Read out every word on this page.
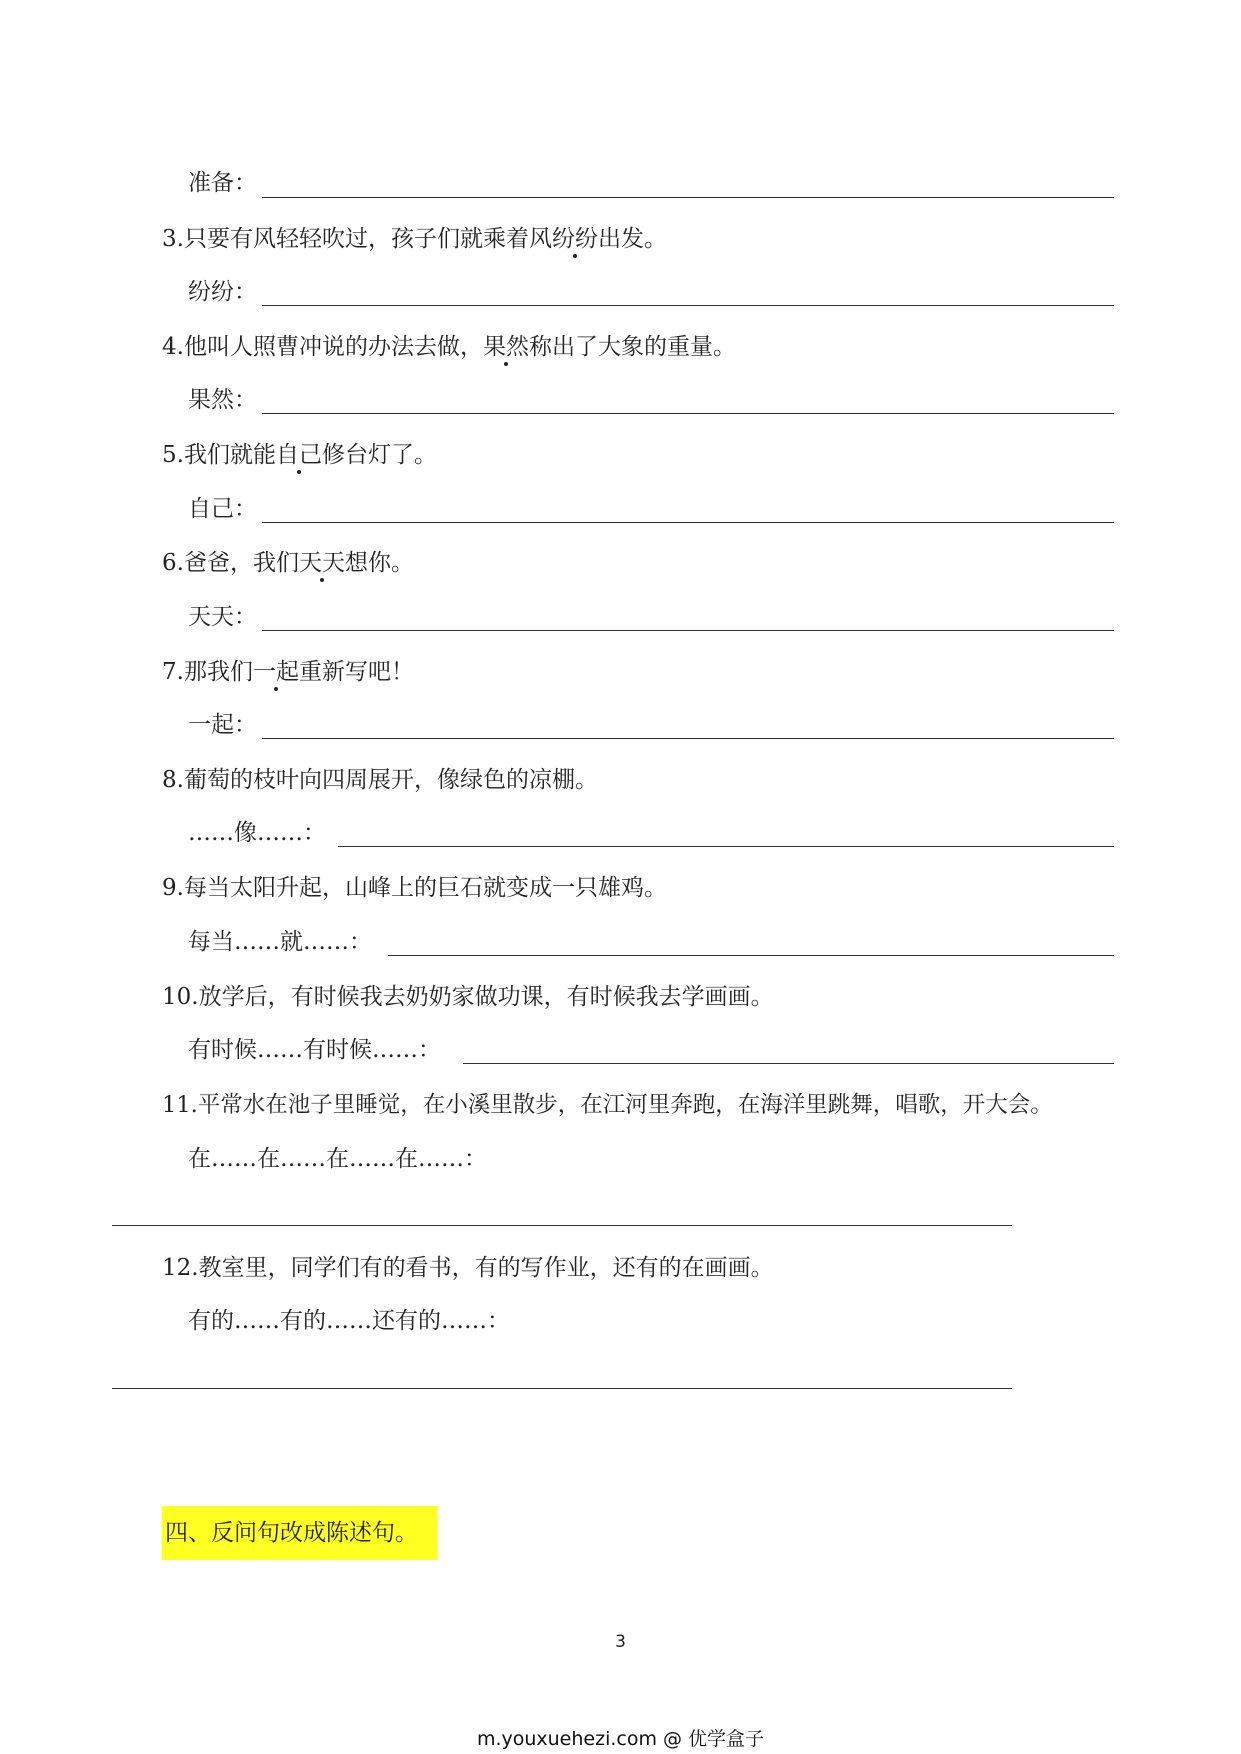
准备：
3.只要有风轻轻吹过，孩子们就乘着风纷纷出发。
纷纷：
4.他叫人照曹冲说的办法去做，果然称出了大象的重量。
果然：
5.我们就能自己修台灯了。
自己：
6.爸爸，我们天天想你。
天天：
7.那我们一起重新写吧！
一起：
8.葡萄的枝叶向四周展开，像绿色的凉棚。
……像……：
9.每当太阳升起，山峰上的巨石就变成一只雄鸡。
每当……就……：
10.放学后，有时候我去奶奶家做功课，有时候我去学画画。
有时候……有时候……：
11.平常水在池子里睡觉，在小溪里散步，在江河里奔跑，在海洋里跳舞，唱歌，开大会。
在……在……在……在……：
12.教室里，同学们有的看书，有的写作业，还有的在画画。
有的……有的……还有的……：
四、反问句改成陈述句。
3
m.youxuehezi.com @ 优学盒子
